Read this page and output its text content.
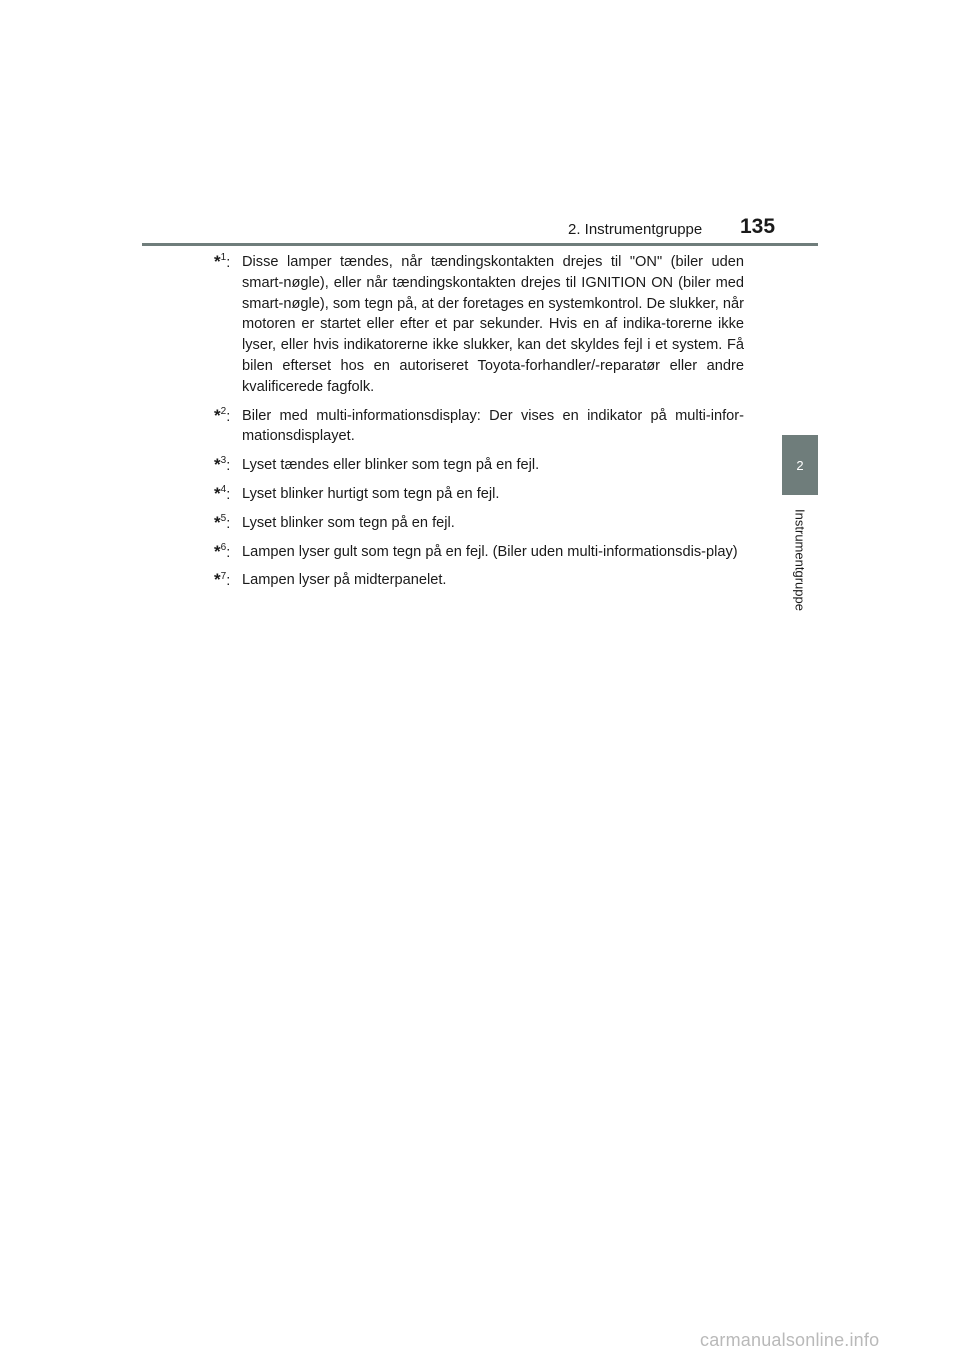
2. Instrumentgruppe 135
2
Instrumentgruppe
*$^1$: Disse lamper tændes, når tændingskontakten drejes til "ON" (biler uden smart-nøgle), eller når tændingskontakten drejes til IGNITION ON (biler med smart-nøgle), som tegn på, at der foretages en systemkontrol. De slukker, når motoren er startet eller efter et par sekunder. Hvis en af indika-torerne ikke lyser, eller hvis indikatorerne ikke slukker, kan det skyldes fejl i et system. Få bilen efterset hos en autoriseret Toyota-forhandler/-reparatør eller andre kvalificerede fagfolk.
*$^2$: Biler med multi-informationsdisplay: Der vises en indikator på multi-infor-mationsdisplayet.
*$^3$: Lyset tændes eller blinker som tegn på en fejl.
*$^4$: Lyset blinker hurtigt som tegn på en fejl.
*$^5$: Lyset blinker som tegn på en fejl.
*$^6$: Lampen lyser gult som tegn på en fejl. (Biler uden multi-informationsdis-play)
*$^7$: Lampen lyser på midterpanelet.
carmanualsonline.info
